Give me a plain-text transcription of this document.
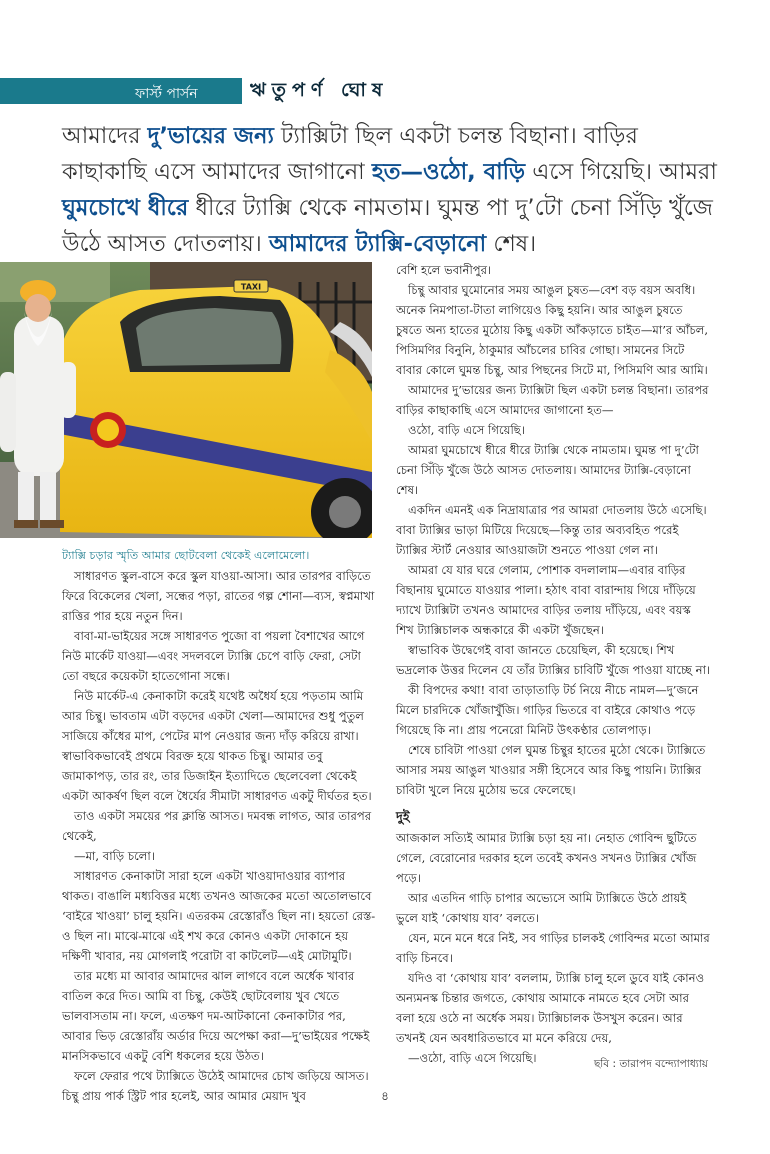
ফার্স্ট পার্সন	ঋতুপর্ণ ঘোষ
আমাদের দু’ভায়ের জন্য ট্যাক্সিটা ছিল একটা চলন্ত বিছানা। বাড়ির কাছাকাছি এসে আমাদের জাগানো হত—ওঠো, বাড়ি এসে গিয়েছি। আমরা ঘুমচোখে ধীরে ধীরে ট্যাক্সি থেকে নামতাম। ঘুমন্ত পা দু’টো চেনা সিঁড়ি খুঁজে উঠে আসত দোতলায়। আমাদের ট্যাক্সি-বেড়ানো শেষ।
TAXI

ট্যাক্সি চড়ার স্মৃতি আমার ছোটবেলা থেকেই এলোমেলো।

সাধারণত স্কুল-বাসে করে স্কুল যাওয়া-আসা। আর তারপর বাড়িতে ফিরে বিকেলের খেলা, সন্ধের পড়া, রাতের গল্প শোনা—ব্যস, স্বপ্নমাখা রাত্তির পার হয়ে নতুন দিন।

বাবা-মা-ভাইয়ের সঙ্গে সাধারণত পুজো বা পয়লা বৈশাখের আগে নিউ মার্কেট যাওয়া—এবং সদলবলে ট্যাক্সি চেপে বাড়ি ফেরা, সেটা তো বছরে কয়েকটা হাতেগোনা সন্ধে।

নিউ মার্কেট-এ কেনাকাটা করেই যথেষ্ট অধৈর্য হয়ে পড়তাম আমি আর চিন্থু। ভাবতাম এটা বড়দের একটা খেলা—আমাদের শুধু পুতুল সাজিয়ে কাঁধের মাপ, পেটের মাপ নেওয়ার জন্য দাঁড় করিয়ে রাখা। স্বাভাবিকভাবেই প্রথমে বিরক্ত হয়ে থাকত চিন্থু। আমার তবু জামাকাপড়, তার রং, তার ডিজাইন ইত্যাদিতে ছেলেবেলা থেকেই একটা আকর্ষণ ছিল বলে ধৈর্যের সীমাটা সাধারণত একটু দীর্ঘতর হত।

তাও একটা সময়ের পর ক্লান্তি আসত। দমবন্ধ লাগত, আর তারপর থেকেই,

—মা, বাড়ি চলো।

সাধারণত কেনাকাটা সারা হলে একটা খাওয়াদাওয়ার ব্যাপার থাকত। বাঙালি মধ্যবিত্তর মধ্যে তখনও আজকের মতো অতোলভাবে ‘বাইরে খাওয়া’ চালু হয়নি। এতরকম রেস্তোরাঁও ছিল না। হয়তো রেস্ত-ও ছিল না। মাঝে-মাঝে এই শখ করে কোনও একটা দোকানে হয় দক্ষিণী খাবার, নয় মোগলাই পরোটা বা কাটলেট—এই মোটামুটি।

তার মধ্যে মা আবার আমাদের ঝাল লাগবে বলে অর্ধেক খাবার বাতিল করে দিত। আমি বা চিন্থু, কেউই ছোটবেলায় খুব খেতে ভালবাসতাম না। ফলে, এতক্ষণ দম-আটকানো কেনাকাটার পর, আবার ভিড় রেস্তোরাঁয় অর্ডার দিয়ে অপেক্ষা করা—দু’ভাইয়ের পক্ষেই মানসিকভাবে একটু বেশি ধকলের হয়ে উঠত।

ফলে ফেরার পথে ট্যাক্সিতে উঠেই আমাদের চোখ জড়িয়ে আসত। চিন্থু প্রায় পার্ক স্ট্রিট পার হলেই, আর আমার মেয়াদ খুব

বেশি হলে ভবানীপুর।

চিন্থু আবার ঘুমোনোর সময় আঙুল চুষত—বেশ বড় বয়স অবধি। অনেক নিমপাতা-টাতা লাগিয়েও কিছু হয়নি। আর আঙুল চুষতে চুষতে অন্য হাতের মুঠোয় কিছু একটা আঁকড়াতে চাইত—মা’র আঁচল, পিসিমণির বিনুনি, ঠাকুমার আঁচলের চাবির গোছা। সামনের সিটে বাবার কোলে ঘুমন্ত চিন্থু, আর পিছনের সিটে মা, পিসিমণি আর আমি।

আমাদের দু’ভায়ের জন্য ট্যাক্সিটা ছিল একটা চলন্ত বিছানা। তারপর বাড়ির কাছাকাছি এসে আমাদের জাগানো হত—

ওঠো, বাড়ি এসে গিয়েছি।

আমরা ঘুমচোখে ধীরে ধীরে ট্যাক্সি থেকে নামতাম। ঘুমন্ত পা দু’টো চেনা সিঁড়ি খুঁজে উঠে আসত দোতলায়। আমাদের ট্যাক্সি-বেড়ানো শেষ।

একদিন এমনই এক নিদ্রাযাত্রার পর আমরা দোতলায় উঠে এসেছি। বাবা ট্যাক্সির ভাড়া মিটিয়ে দিয়েছে—কিন্তু তার অব্যবহিত পরেই ট্যাক্সির স্টার্ট নেওয়ার আওয়াজটা শুনতে পাওয়া গেল না।

আমরা যে যার ঘরে গেলাম, পোশাক বদলালাম—এবার বাড়ির বিছানায় ঘুমোতে যাওয়ার পালা। হঠাৎ বাবা বারান্দায় গিয়ে দাঁড়িয়ে দ্যাখে ট্যাক্সিটা তখনও আমাদের বাড়ির তলায় দাঁড়িয়ে, এবং বয়স্ক শিখ ট্যাক্সিচালক অন্ধকারে কী একটা খুঁজছেন।

স্বাভাবিক উদ্বেগেই বাবা জানতে চেয়েছিল, কী হয়েছে। শিখ ভদ্রলোক উত্তর দিলেন যে তাঁর ট্যাক্সির চাবিটি খুঁজে পাওয়া যাচ্ছে না।

কী বিপদের কথা! বাবা তাড়াতাড়ি টর্চ নিয়ে নীচে নামল—দু’জনে মিলে চারদিকে খোঁজাখুঁজি। গাড়ির ভিতরে বা বাইরে কোথাও পড়ে গিয়েছে কি না। প্রায় পনেরো মিনিট উৎকণ্ঠার তোলপাড়।

শেষে চাবিটা পাওয়া গেল ঘুমন্ত চিন্থুর হাতের মুঠো থেকে। ট্যাক্সিতে আসার সময় আঙুল খাওয়ার সঙ্গী হিসেবে আর কিছু পায়নি। ট্যাক্সির চাবিটা খুলে নিয়ে মুঠোয় ভরে ফেলেছে।

দুই

আজকাল সত্যিই আমার ট্যাক্সি চড়া হয় না। নেহাত গোবিন্দ ছুটিতে গেলে, বেরোনোর দরকার হলে তবেই কখনও সখনও ট্যাক্সির খোঁজ পড়ে।

আর এতদিন গাড়ি চাপার অভ্যেসে আমি ট্যাক্সিতে উঠে প্রায়ই ভুলে যাই ‘কোথায় যাব’ বলতে।

যেন, মনে মনে ধরে নিই, সব গাড়ির চালকই গোবিন্দর মতো আমার বাড়ি চিনবে।

যদিও বা ‘কোথায় যাব’ বললাম, ট্যাক্সি চালু হলে ডুবে যাই কোনও অন্যমনস্ক চিন্তার জগতে, কোথায় আমাকে নামতে হবে সেটা আর বলা হয়ে ওঠে না অর্ধেক সময়। ট্যাক্সিচালক উসখুস করেন। আর তখনই যেন অবধারিতভাবে মা মনে করিয়ে দেয়,

—ওঠো, বাড়ি এসে গিয়েছি।	ছবি : তারাপদ বন্দ্যোপাধ্যায়
৪
